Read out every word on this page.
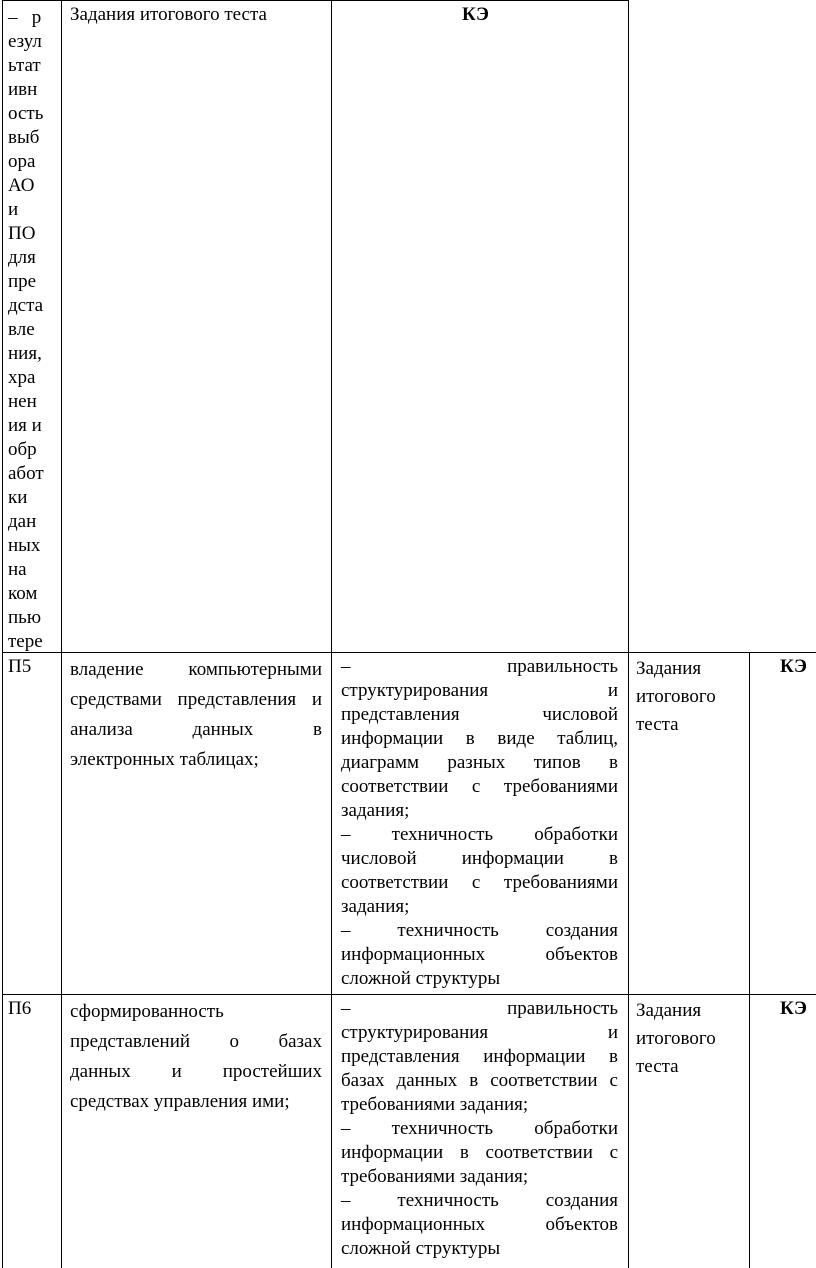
–   р
езул
ьтат
ивн
ость
выб
ора
АО
и
ПО
для
пре
дста
вле
ния,
хра
нен
ия и
обр
абот
ки
дан
ных
на
ком
пью
тере
Задания итогового теста	КЭ
П5 владение компьютерными
средствами представления и
анализа данных в
электронных таблицах;
– правильность
структурирования и
представления числовой
информации в виде таблиц,
диаграмм разных типов в
соответствии с требованиями
задания;
– техничность обработки
числовой информации в
соответствии с требованиями
задания;
– техничность создания
информационных объектов
сложной структуры
Задания
итогового
теста
КЭ
П6 сформированность
представлений о базах
данных и простейших
средствах управления ими;
– правильность
структурирования и
представления информации в
базах данных в соответствии с
требованиями задания;
– техничность обработки
информации в соответствии с
требованиями задания;
– техничность создания
информационных объектов
сложной структуры
Задания
итогового
теста
КЭ
